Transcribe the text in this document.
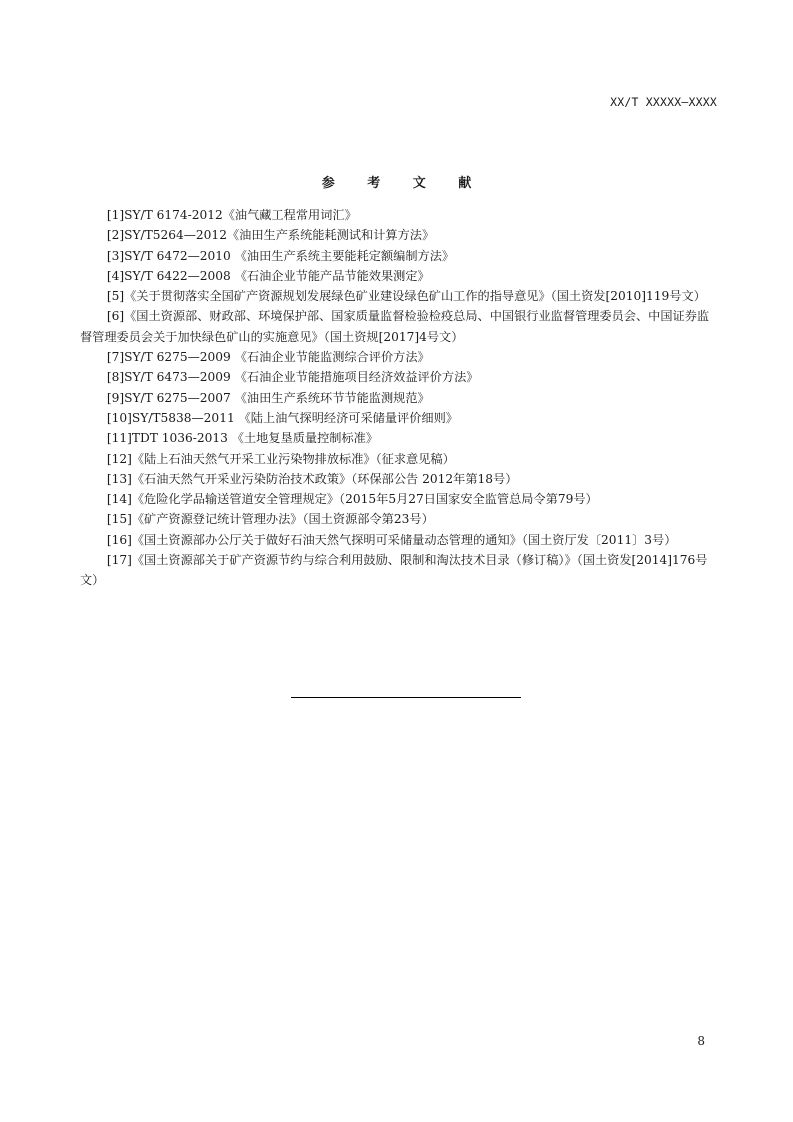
XX/T XXXXX—XXXX
参 考 文 献

[1]SY/T 6174-2012《油气藏工程常用词汇》

[2]SY/T5264—2012《油田生产系统能耗测试和计算方法》

[3]SY/T 6472—2010 《油田生产系统主要能耗定额编制方法》

[4]SY/T 6422—2008 《石油企业节能产品节能效果测定》

[5]《关于贯彻落实全国矿产资源规划发展绿色矿业建设绿色矿山工作的指导意见》（国土资发[2010]119号文）

[6]《国土资源部、财政部、环境保护部、国家质量监督检验检疫总局、中国银行业监督管理委员会、中国证券监督管理委员会关于加快绿色矿山的实施意见》（国土资规[2017]4号文）

[7]SY/T 6275—2009 《石油企业节能监测综合评价方法》

[8]SY/T 6473—2009 《石油企业节能措施项目经济效益评价方法》

[9]SY/T 6275—2007 《油田生产系统环节节能监测规范》

[10]SY/T5838—2011 《陆上油气探明经济可采储量评价细则》

[11]TDT 1036-2013 《土地复垦质量控制标准》

[12]《陆上石油天然气开采工业污染物排放标准》（征求意见稿）

[13]《石油天然气开采业污染防治技术政策》（环保部公告 2012年第18号）

[14]《危险化学品输送管道安全管理规定》（2015年5月27日国家安全监管总局令第79号）

[15]《矿产资源登记统计管理办法》（国土资源部令第23号）

[16]《国土资源部办公厅关于做好石油天然气探明可采储量动态管理的通知》（国土资厅发〔2011〕3号）

[17]《国土资源部关于矿产资源节约与综合利用鼓励、限制和淘汰技术目录（修订稿）》（国土资发[2014]176号文）

8
